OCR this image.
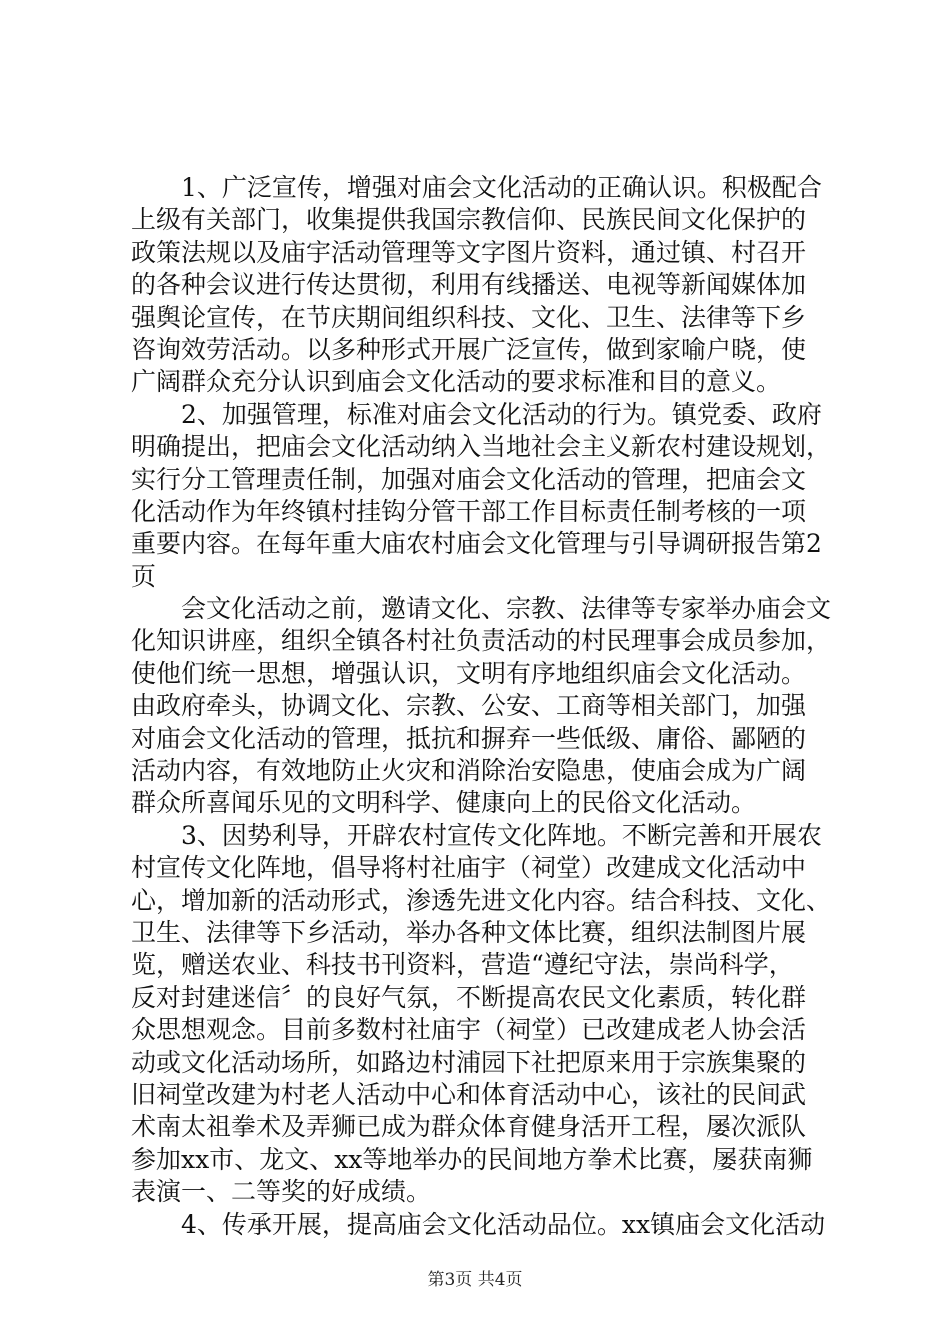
1、广泛宣传，增强对庙会文化活动的正确认识。积极配合
上级有关部门，收集提供我国宗教信仰、民族民间文化保护的
政策法规以及庙宇活动管理等文字图片资料，通过镇、村召开
的各种会议进行传达贯彻，利用有线播送、电视等新闻媒体加
强舆论宣传，在节庆期间组织科技、文化、卫生、法律等下乡
咨询效劳活动。以多种形式开展广泛宣传，做到家喻户晓，使
广阔群众充分认识到庙会文化活动的要求标准和目的意义。
2、加强管理，标准对庙会文化活动的行为。镇党委、政府
明确提出，把庙会文化活动纳入当地社会主义新农村建设规划，
实行分工管理责任制，加强对庙会文化活动的管理，把庙会文
化活动作为年终镇村挂钩分管干部工作目标责任制考核的一项
重要内容。在每年重大庙农村庙会文化管理与引导调研报告第2
页
会文化活动之前，邀请文化、宗教、法律等专家举办庙会文
化知识讲座，组织全镇各村社负责活动的村民理事会成员参加，
使他们统一思想，增强认识，文明有序地组织庙会文化活动。
由政府牵头，协调文化、宗教、公安、工商等相关部门，加强
对庙会文化活动的管理，抵抗和摒弃一些低级、庸俗、鄙陋的
活动内容，有效地防止火灾和消除治安隐患，使庙会成为广阔
群众所喜闻乐见的文明科学、健康向上的民俗文化活动。
3、因势利导，开辟农村宣传文化阵地。不断完善和开展农
村宣传文化阵地，倡导将村社庙宇（祠堂）改建成文化活动中
心，增加新的活动形式，渗透先进文化内容。结合科技、文化、
卫生、法律等下乡活动，举办各种文体比赛，组织法制图片展
览，赠送农业、科技书刊资料，营造“遵纪守法，崇尚科学，
反对封建迷信〞的良好气氛，不断提高农民文化素质，转化群
众思想观念。目前多数村社庙宇（祠堂）已改建成老人协会活
动或文化活动场所，如路边村浦园下社把原来用于宗族集聚的
旧祠堂改建为村老人活动中心和体育活动中心，该社的民间武
术南太祖拳术及弄狮已成为群众体育健身活开工程，屡次派队
参加xx市、龙文、xx等地举办的民间地方拳术比赛，屡获南狮
表演一、二等奖的好成绩。
4、传承开展，提高庙会文化活动品位。xx镇庙会文化活动
第3页 共4页
